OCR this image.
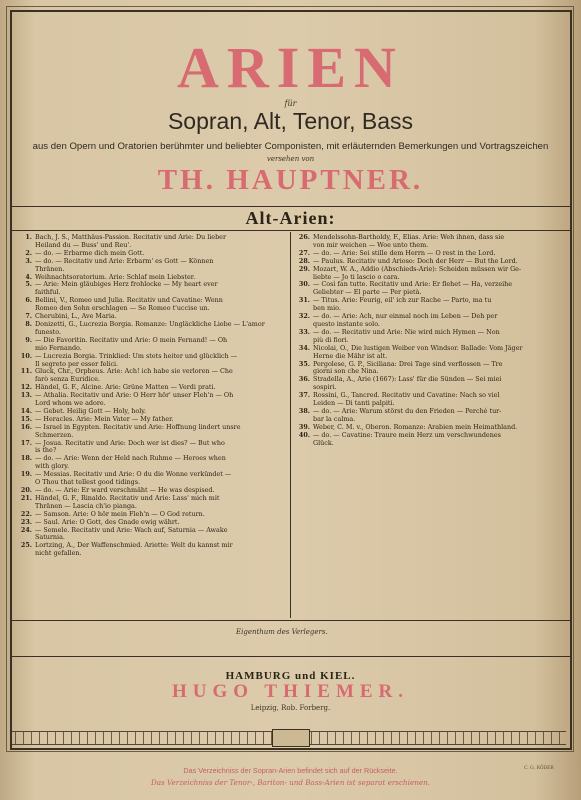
ARIEN
für
Sopran, Alt, Tenor, Bass
aus den Opern und Oratorien berühmter und beliebter Componisten, mit erläuternden Bemerkungen und Vortragszeichen
versehen von
TH. HAUPTNER.
Alt-Arien:
1. Bach, J. S., Matthäus-Passion. Recitativ und Arie: Du lieber
Heiland du — Buss' und Reu'.
2. — do. — Erbarme dich mein Gott.
3. — do. — Recitativ und Arie: Erbarm' es Gott — Können
Thränen.
4. Weihnachtsoratorium. Arie: Schlaf mein Liebster.
5. — Arie: Mein gläubiges Herz frohlocke — My heart ever
faithful.
6. Bellini, V., Romeo und Julia. Recitativ und Cavatine: Wenn
Romeo den Sohn erschlagen — Se Romeo t'uccise un.
7. Cherubini, L., Ave Maria.
8. Donizetti, G., Lucrezia Borgia. Romanze: Ungläckliche Liebe — L'amor funesto.
9. — Die Favoritin. Recitativ und Arie: O mein Fernand! — Oh
mio Fernando.
10. — Lucrezia Borgia. Trinklied: Um stets heiter und glücklich —
Il segreto per esser felici.
11. Gluck, Chr., Orpheus. Arie: Ach! ich habe sie verloren — Che
farò senza Euridice.
12. Händel, G. F., Alcine. Arie: Grüne Matten — Verdi prati.
13. — Athalia. Recitativ und Arie: O Herr hör' unser Fleh'n — Oh
Lord whom we adore.
14. — Gebet. Heilig Gott — Holy, holy.
15. — Heracles. Arie: Mein Vater — My father.
16. — Israel in Egypten. Recitativ und Arie: Hoffnung lindert unsre
Schmerzen.
17. — Josua. Recitativ und Arie: Doch wer ist dies? — But who
is the?
18. — do. — Arie: Wenn der Held nach Ruhme — Heroes when
with glory.
19. — Messias. Recitativ und Arie: O du die Wonne verkündet —
O Thou that tellest good tidings.
20. — do. — Arie: Er ward verschmäht — He was despised.
21. Händel, G. F., Rinaldo. Recitativ und Arie: Lass' mich mit
Thränen — Lascia ch'io pianga.
22. — Samson. Arie: O hör mein Fleh'n — O God return.
23. — Saul. Arie: O Gott, des Gnade ewig währt.
24. — Semele. Recitativ und Arie: Wach auf, Saturnia — Awake
Saturnia.
25. Lortzing, A., Der Waffenschmied. Ariette: Welt du kannst mir
nicht gefallen.
26. Mendelssohn-Bartholdy, F., Elias. Arie: Weh ihnen, dass sie
von mir weichen — Woe unto them.
27. — do. — Arie: Sei stille dem Herrn — O rest in the Lord.
28. — Paulus. Recitativ und Arioso: Doch der Herr — But the Lord.
29. Mozart, W. A., Addio (Abschieds-Arie): Scheiden müssen wir Ge-
liebte — Jo ti lascio o cara.
30. — Così fan tutte. Recitativ und Arie: Er flehet — Ha, verzeihe
Geliebter — El parte — Per pietà.
31. — Titus. Arie: Feurig, eil' ich zur Rache — Parto, ma tu
ben mio.
32. — do. — Arie: Ach, nur einmal noch im Leben — Deh per
questo instante solo.
33. — do. — Recitativ und Arie: Nie wird mich Hymen — Non
più di fiori.
34. Nicolai, O., Die lustigen Weiber von Windsor. Ballade: Vom Jäger
Herne die Mähr ist alt.
35. Pergolese, G. P., Siciliana: Drei Tage sind verflossen — Tre
giorni son che Nina.
36. Stradella, A., Arie (1667): Lass' für die Sünden — Sei miei
sospiri.
37. Rossini, G., Tancred. Recitativ und Cavatine: Nach so viel
Leiden — Di tanti palpiti.
38. — do. — Arie: Warum störst du den Frieden — Perché tur-
bar la calma.
39. Weber, C. M. v., Oberon. Romanze: Arabien mein Heimathland.
40. — do. — Cavatine: Traure mein Herz um verschwundenes
Glück.
Eigenthum des Verlegers.
HAMBURG und KIEL.
HUGO THIEMER.
Leipzig, Rob. Forberg.
Das Verzeichniss der Sopran-Arien befindet sich auf der Rückseite.
Das Verzeichniss der Tenor-, Bariton- und Bass-Arien ist separat erschienen.
C. G. RÖDER
